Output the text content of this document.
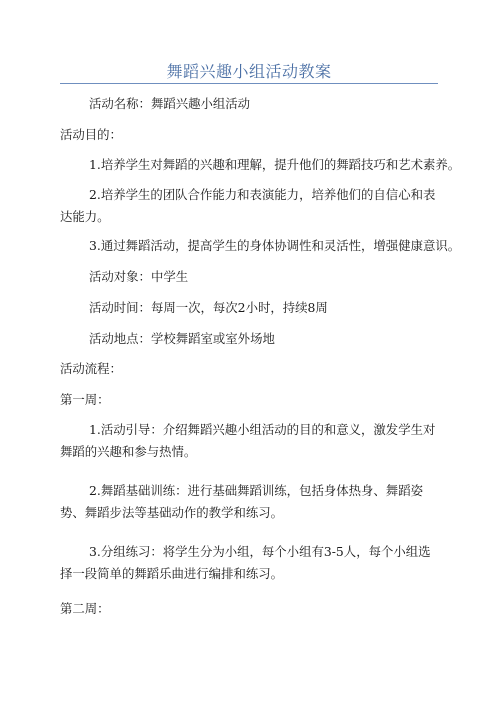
舞蹈兴趣小组活动教案
活动名称：舞蹈兴趣小组活动
活动目的：
1.培养学生对舞蹈的兴趣和理解，提升他们的舞蹈技巧和艺术素养。
2.培养学生的团队合作能力和表演能力，培养他们的自信心和表达能力。
3.通过舞蹈活动，提高学生的身体协调性和灵活性，增强健康意识。
活动对象：中学生
活动时间：每周一次，每次2小时，持续8周
活动地点：学校舞蹈室或室外场地
活动流程：
第一周：
1.活动引导：介绍舞蹈兴趣小组活动的目的和意义，激发学生对舞蹈的兴趣和参与热情。
2.舞蹈基础训练：进行基础舞蹈训练，包括身体热身、舞蹈姿势、舞蹈步法等基础动作的教学和练习。
3.分组练习：将学生分为小组，每个小组有3-5人，每个小组选择一段简单的舞蹈乐曲进行编排和练习。
第二周：
